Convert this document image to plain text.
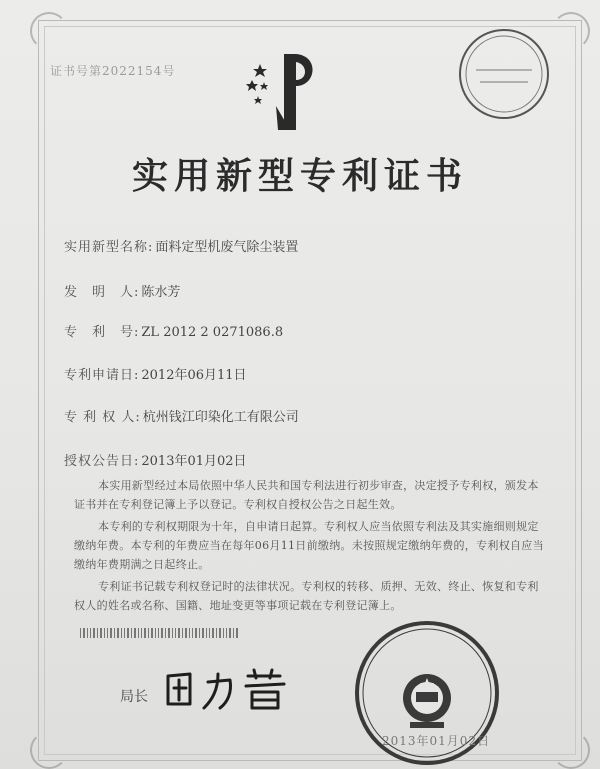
证书号第2022154号
实用新型专利证书
实用新型名称: 面料定型机废气除尘装置
发　明　人: 陈水芳
专　利　号: ZL 2012 2 0271086.8
专利申请日: 2012年06月11日
专 利 权 人: 杭州钱江印染化工有限公司
授权公告日: 2013年01月02日

本实用新型经过本局依照中华人民共和国专利法进行初步审查，决定授予专利权，颁发本证书并在专利登记簿上予以登记。专利权自授权公告之日起生效。

本专利的专利权期限为十年，自申请日起算。专利权人应当依照专利法及其实施细则规定缴纳年费。本专利的年费应当在每年06月11日前缴纳。未按照规定缴纳年费的，专利权自应当缴纳年费期满之日起终止。

专利证书记载专利权登记时的法律状况。专利权的转移、质押、无效、终止、恢复和专利权人的姓名或名称、国籍、地址变更等事项记载在专利登记簿上。

局长
2013年01月02日
